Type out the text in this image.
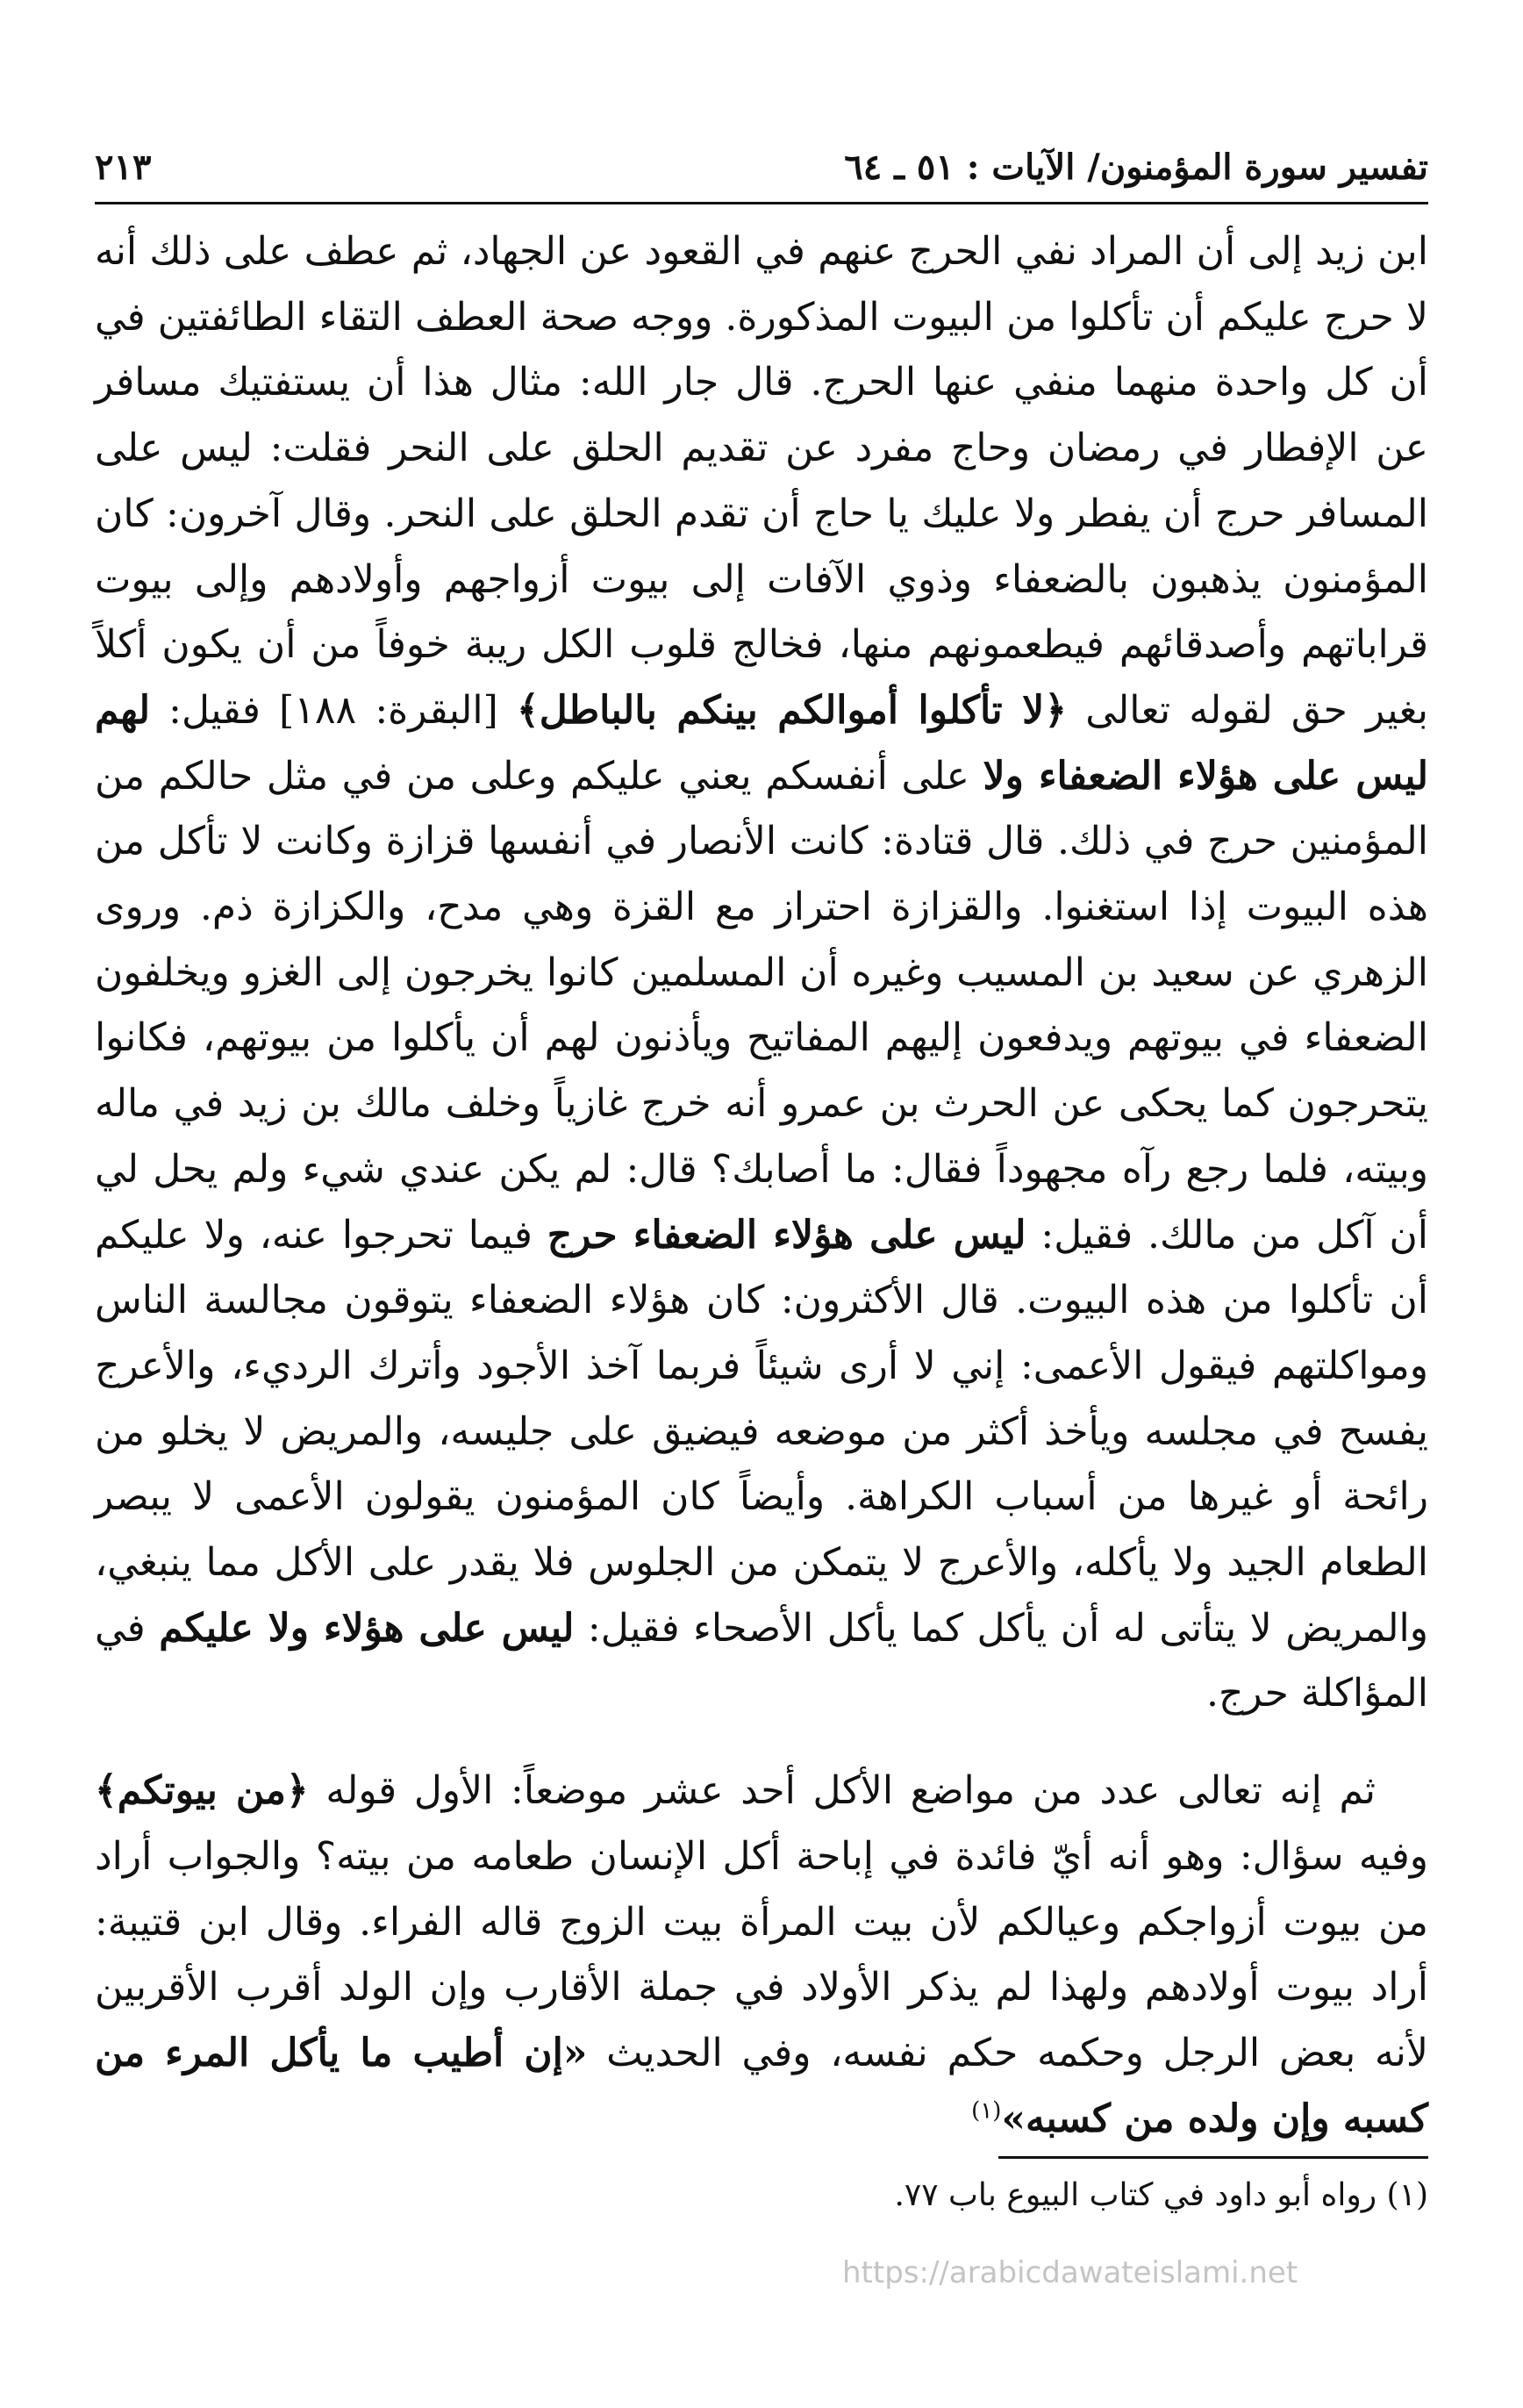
تفسير سورة المؤمنون/ الآيات : ٥١ ـ ٦٤
٢١٣

ابن زيد إلى أن المراد نفي الحرج عنهم في القعود عن الجهاد، ثم عطف على ذلك أنه لا حرج عليكم أن تأكلوا من البيوت المذكورة. ووجه صحة العطف التقاء الطائفتين في أن كل واحدة منهما منفي عنها الحرج. قال جار الله: مثال هذا أن يستفتيك مسافر عن الإفطار في رمضان وحاج مفرد عن تقديم الحلق على النحر فقلت: ليس على المسافر حرج أن يفطر ولا عليك يا حاج أن تقدم الحلق على النحر. وقال آخرون: كان المؤمنون يذهبون بالضعفاء وذوي الآفات إلى بيوت أزواجهم وأولادهم وإلى بيوت قراباتهم وأصدقائهم فيطعمونهم منها، فخالج قلوب الكل ريبة خوفاً من أن يكون أكلاً بغير حق لقوله تعالى ﴿لا تأكلوا أموالكم بينكم بالباطل﴾ [البقرة: ١٨٨] فقيل: لهم ليس على هؤلاء الضعفاء ولا على أنفسكم يعني عليكم وعلى من في مثل حالكم من المؤمنين حرج في ذلك. قال قتادة: كانت الأنصار في أنفسها قزازة وكانت لا تأكل من هذه البيوت إذا استغنوا. والقزازة احتراز مع القزة وهي مدح، والكزازة ذم. وروى الزهري عن سعيد بن المسيب وغيره أن المسلمين كانوا يخرجون إلى الغزو ويخلفون الضعفاء في بيوتهم ويدفعون إليهم المفاتيح ويأذنون لهم أن يأكلوا من بيوتهم، فكانوا يتحرجون كما يحكى عن الحرث بن عمرو أنه خرج غازياً وخلف مالك بن زيد في ماله وبيته، فلما رجع رآه مجهوداً فقال: ما أصابك؟ قال: لم يكن عندي شيء ولم يحل لي أن آكل من مالك. فقيل: ليس على هؤلاء الضعفاء حرج فيما تحرجوا عنه، ولا عليكم أن تأكلوا من هذه البيوت. قال الأكثرون: كان هؤلاء الضعفاء يتوقون مجالسة الناس ومواكلتهم فيقول الأعمى: إني لا أرى شيئاً فربما آخذ الأجود وأترك الرديء، والأعرج يفسح في مجلسه ويأخذ أكثر من موضعه فيضيق على جليسه، والمريض لا يخلو من رائحة أو غيرها من أسباب الكراهة. وأيضاً كان المؤمنون يقولون الأعمى لا يبصر الطعام الجيد ولا يأكله، والأعرج لا يتمكن من الجلوس فلا يقدر على الأكل مما ينبغي، والمريض لا يتأتى له أن يأكل كما يأكل الأصحاء فقيل: ليس على هؤلاء ولا عليكم في المؤاكلة حرج.

ثم إنه تعالى عدد من مواضع الأكل أحد عشر موضعاً: الأول قوله ﴿من بيوتكم﴾ وفيه سؤال: وهو أنه أيّ فائدة في إباحة أكل الإنسان طعامه من بيته؟ والجواب أراد من بيوت أزواجكم وعيالكم لأن بيت المرأة بيت الزوج قاله الفراء. وقال ابن قتيبة: أراد بيوت أولادهم ولهذا لم يذكر الأولاد في جملة الأقارب وإن الولد أقرب الأقربين لأنه بعض الرجل وحكمه حكم نفسه، وفي الحديث «إن أطيب ما يأكل المرء من كسبه وإن ولده من كسبه»$^{(١)}$

(١) رواه أبو داود في كتاب البيوع باب ٧٧.
https://arabicdawateislami.net
